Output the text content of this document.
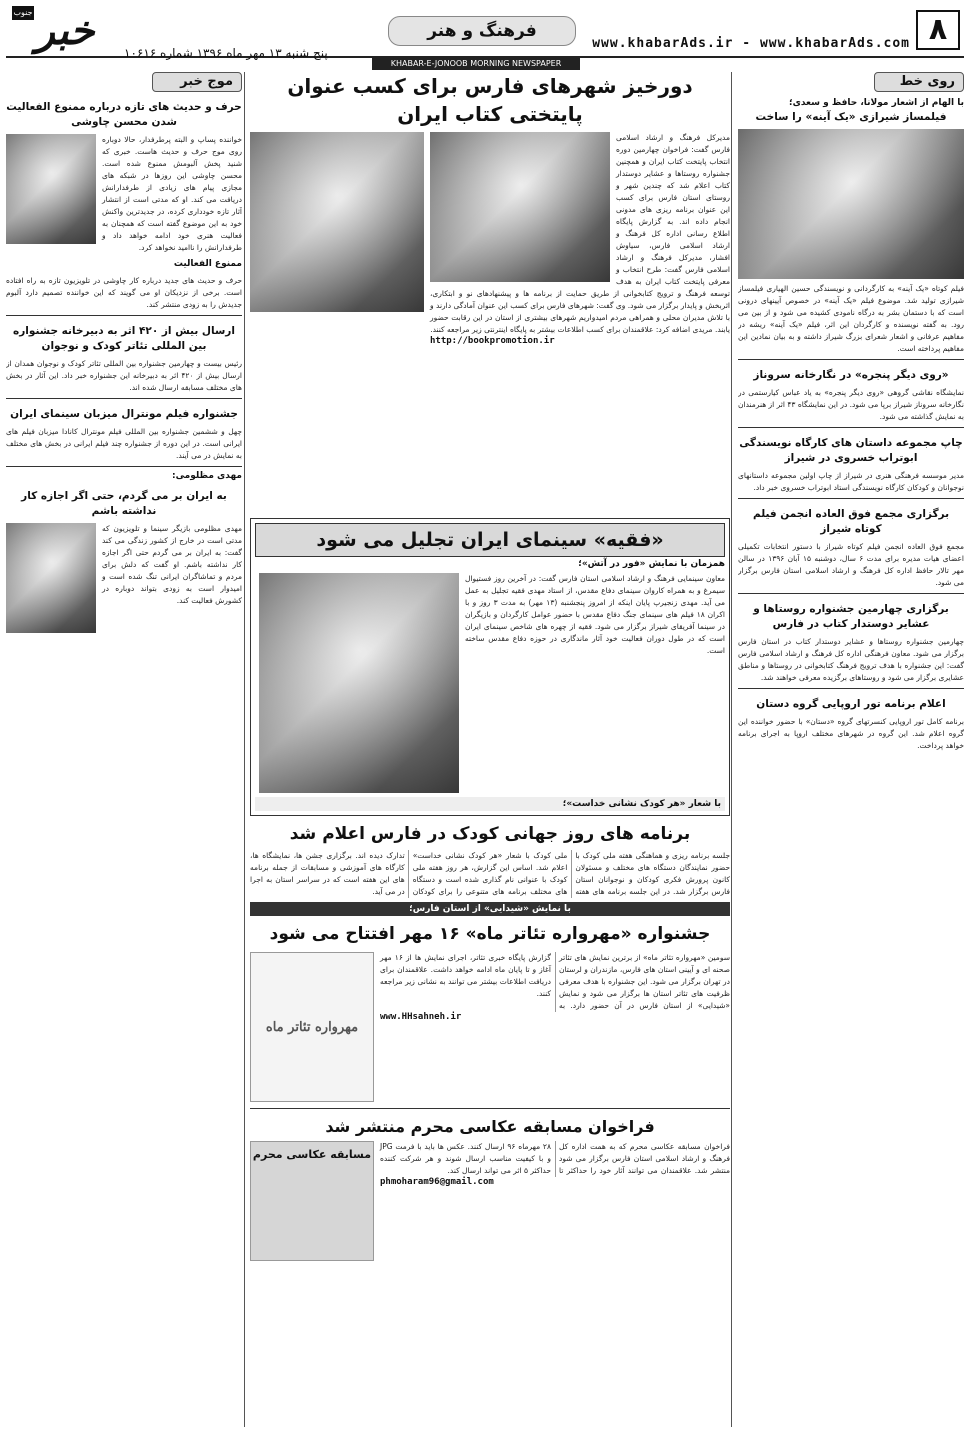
۸
www.khabarAds.ir - www.khabarAds.com
فرهنگ و هنر
پنج شنبه ۱۳ مهر ماه ۱۳۹۶ شماره ۱۰۶۱۶
خبر
جنوب
KHABAR-E-JONOOB MORNING NEWSPAPER
روی خط
با الهام از اشعار مولانا، حافظ و سعدی؛
فیلمساز شیرازی «یک آینه» را ساخت

فیلم کوتاه «یک آینه» به کارگردانی و نویسندگی حسین الهیاری فیلمساز شیرازی تولید شد. موضوع فیلم «یک آینه» در خصوص آیینهای درونی است که با دستمان بشر به درگاه نامودی کشیده می شود و از بین می رود. به گفته نویسنده و کارگردان این اثر، فیلم «یک آینه» ریشه در مفاهیم عرفانی و اشعار شعرای بزرگ شیراز داشته و به بیان نمادین این مفاهیم پرداخته است.

«روی دیگر پنجره» در نگارخانه سروناز

نمایشگاه نقاشی گروهی «روی دیگر پنجره» به یاد عباس کیارستمی در نگارخانه سروناز شیراز برپا می شود. در این نمایشگاه ۴۳ اثر از هنرمندان به نمایش گذاشته می شود.

چاپ مجموعه داستان های کارگاه نویسندگی ابوتراب خسروی در شیراز

مدیر موسسه فرهنگی هنری در شیراز از چاپ اولین مجموعه داستانهای نوجوانان و کودکان کارگاه نویسندگی استاد ابوتراب خسروی خبر داد.

برگزاری مجمع فوق العاده انجمن فیلم کوتاه شیراز

مجمع فوق العاده انجمن فیلم کوتاه شیراز با دستور انتخابات تکمیلی اعضای هیات مدیره برای مدت ۶ سال، دوشنبه ۱۵ آبان ۱۳۹۶ در سالن مهر تالار حافظ اداره کل فرهنگ و ارشاد اسلامی استان فارس برگزار می شود.

برگزاری چهارمین جشنواره روستاها و عشایر دوستدار کتاب در فارس

چهارمین جشنواره روستاها و عشایر دوستدار کتاب در استان فارس برگزار می شود. معاون فرهنگی اداره کل فرهنگ و ارشاد اسلامی فارس گفت: این جشنواره با هدف ترویج فرهنگ کتابخوانی در روستاها و مناطق عشایری برگزار می شود و روستاهای برگزیده معرفی خواهند شد.

اعلام برنامه تور اروپایی گروه دستان

برنامه کامل تور اروپایی کنسرتهای گروه «دستان» با حضور خواننده این گروه اعلام شد. این گروه در شهرهای مختلف اروپا به اجرای برنامه خواهد پرداخت.

دورخیز شهرهای فارس برای کسب عنوان پایتختی کتاب ایران

مدیرکل فرهنگ و ارشاد اسلامی فارس گفت: فراخوان چهارمین دوره انتخاب پایتخت کتاب ایران و همچنین جشنواره روستاها و عشایر دوستدار کتاب اعلام شد که چندین شهر و روستای استان فارس برای کسب این عنوان برنامه ریزی های مدونی انجام داده اند. به گزارش پایگاه اطلاع رسانی اداره کل فرهنگ و ارشاد اسلامی فارس، سیاوش افشار، مدیرکل فرهنگ و ارشاد اسلامی فارس گفت: طرح انتخاب و معرفی پایتخت کتاب ایران به هدف توسعه فرهنگ و ترویج کتابخوانی از طریق حمایت از برنامه ها و پیشنهادهای نو و ابتکاری، اثربخش و پایدار برگزار می شود. وی گفت: شهرهای فارس برای کسب این عنوان آمادگی دارند و با تلاش مدیران محلی و همراهی مردم امیدواریم شهرهای بیشتری از استان در این رقابت حضور یابند. مریدی اضافه کرد: علاقمندان برای کسب اطلاعات بیشتر به پایگاه اینترنتی زیر مراجعه کنند.

http://bookpromotion.ir
«فقیه» سینمای ایران تجلیل می شود
همزمان با نمایش «فور در آتش»؛

معاون سینمایی فرهنگ و ارشاد اسلامی استان فارس گفت: در آخرین روز فستیوال سیمرغ و به همراه کاروان سینمای دفاع مقدس، از استاد مهدی فقیه تجلیل به عمل می آید. مهدی زنجیرپ پایان اینکه از امروز پنجشنبه (۱۳ مهر) به مدت ۳ روز و با اکران ۱۸ فیلم های سینمای جنگ دفاع مقدس با حضور عوامل کارگردان و بازیگران در سینما آفریقای شیراز برگزار می شود. فقیه از چهره های شاخص سینمای ایران است که در طول دوران فعالیت خود آثار ماندگاری در حوزه دفاع مقدس ساخته است.

با شعار «هر کودک نشانی خداست»؛
برنامه های روز جهانی کودک در فارس اعلام شد

جلسه برنامه ریزی و هماهنگی هفته ملی کودک با حضور نمایندگان دستگاه های مختلف و مسئولان کانون پرورش فکری کودکان و نوجوانان استان فارس برگزار شد. در این جلسه برنامه های هفته ملی کودک با شعار «هر کودک نشانی خداست» اعلام شد. اساس این گزارش، هر روز هفته ملی کودک با عنوانی نام گذاری شده است و دستگاه های مختلف برنامه های متنوعی را برای کودکان تدارک دیده اند. برگزاری جشن ها، نمایشگاه ها، کارگاه های آموزشی و مسابقات از جمله برنامه های این هفته است که در سراسر استان به اجرا در می آید.

با نمایش «شیدایی» از استان فارس؛
جشنواره «مهرواره تئاتر ماه» ۱۶ مهر افتتاح می شود

سومین «مهرواره تئاتر ماه» از برترین نمایش های تئاتر صحنه ای و آیینی استان های فارس، مازندران و لرستان در تهران برگزار می شود. این جشنواره با هدف معرفی ظرفیت های تئاتر استان ها برگزار می شود و نمایش «شیدایی» از استان فارس در آن حضور دارد. به گزارش پایگاه خبری تئاتر، اجرای نمایش ها از ۱۶ مهر آغاز و تا پایان ماه ادامه خواهد داشت. علاقمندان برای دریافت اطلاعات بیشتر می توانند به نشانی زیر مراجعه کنند.

www.HHsahneh.ir
مهرواره تئاتر ماه
فراخوان مسابقه عکاسی محرم منتشر شد

فراخوان مسابقه عکاسی محرم که به همت اداره کل فرهنگ و ارشاد اسلامی استان فارس برگزار می شود منتشر شد. علاقمندان می توانند آثار خود را حداکثر تا ۲۸ مهرماه ۹۶ ارسال کنند. عکس ها باید با فرمت JPG و با کیفیت مناسب ارسال شوند و هر شرکت کننده حداکثر ۵ اثر می تواند ارسال کند.

phmoharam96@gmail.com
مسابقه عکاسی محرم
موج خبر
حرف و حدیث های تازه درباره ممنوع الفعالیت شدن محسن چاوشی

خواننده پساپ و البته پرطرفدار، حالا دوباره روی موج حرف و حدیث هاست. خبری که شنید پخش آلبومش ممنوع شده است. محسن چاوشی این روزها در شبکه های مجازی پیام های زیادی از طرفدارانش دریافت می کند. او که مدتی است از انتشار آثار تازه خودداری کرده، در جدیدترین واکنش خود به این موضوع گفته است که همچنان به فعالیت هنری خود ادامه خواهد داد و طرفدارانش را ناامید نخواهد کرد.

ممنوع الفعالیت

حرف و حدیث های جدید درباره کار چاوشی در تلویزیون تازه به راه افتاده است. برخی از نزدیکان او می گویند که این خواننده تصمیم دارد آلبوم جدیدش را به زودی منتشر کند.

ارسال بیش از ۴۲۰ اثر به دبیرخانه جشنواره بین المللی تئاتر کودک و نوجوان

رئیس بیست و چهارمین جشنواره بین المللی تئاتر کودک و نوجوان همدان از ارسال بیش از ۴۲۰ اثر به دبیرخانه این جشنواره خبر داد. این آثار در بخش های مختلف مسابقه ارسال شده اند.

جشنواره فیلم مونترال میزبان سینمای ایران

چهل و ششمین جشنواره بین المللی فیلم مونترال کانادا میزبان فیلم های ایرانی است. در این دوره از جشنواره چند فیلم ایرانی در بخش های مختلف به نمایش در می آیند.

مهدی مظلومی:
به ایران بر می گردم، حتی اگر اجازه کار نداشته باشم

مهدی مظلومی بازیگر سینما و تلویزیون که مدتی است در خارج از کشور زندگی می کند گفت: به ایران بر می گردم حتی اگر اجازه کار نداشته باشم. او گفت که دلش برای مردم و تماشاگران ایرانی تنگ شده است و امیدوار است به زودی بتواند دوباره در کشورش فعالیت کند.
